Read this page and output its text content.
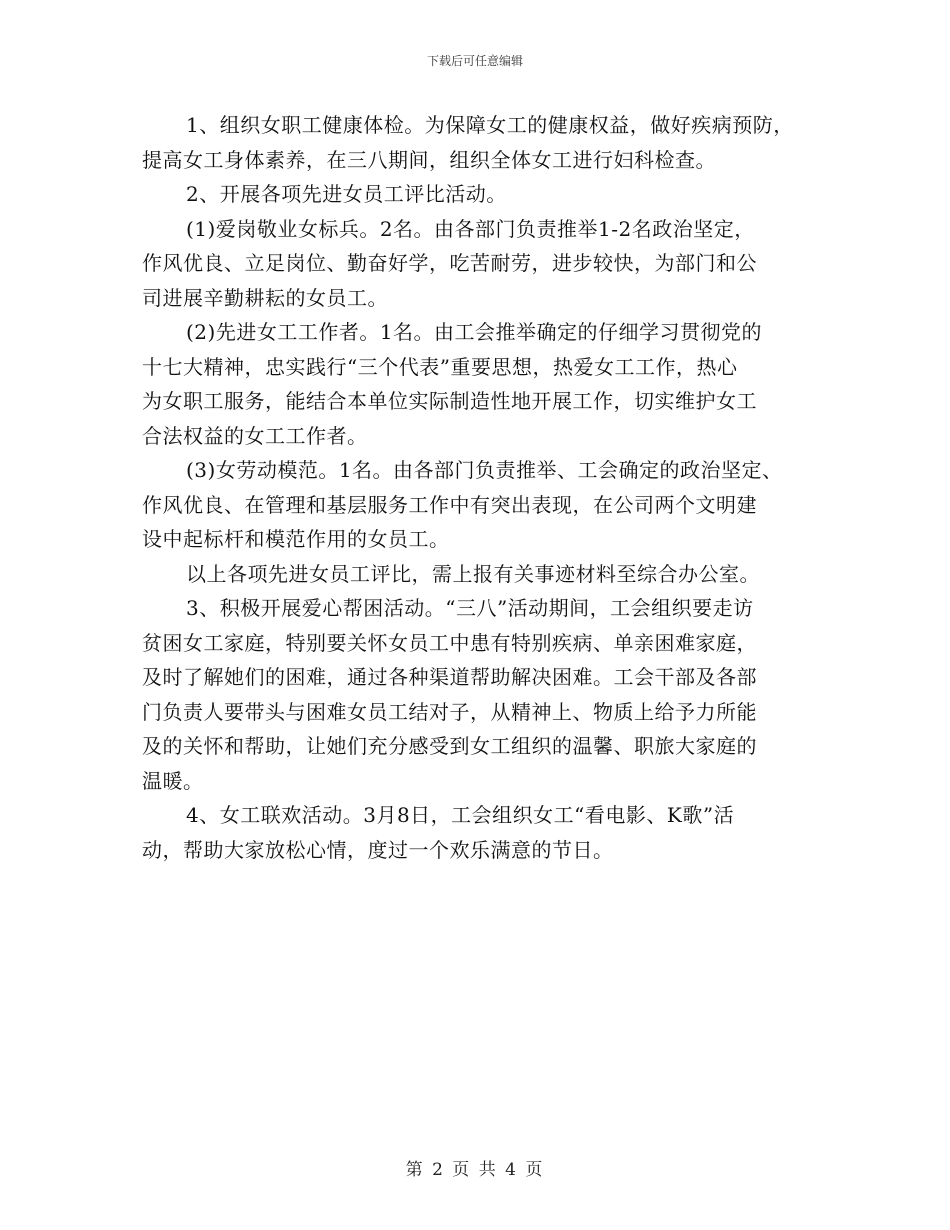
下载后可任意编辑
1、组织女职工健康体检。为保障女工的健康权益，做好疾病预防，
提高女工身体素养，在三八期间，组织全体女工进行妇科检查。
2、开展各项先进女员工评比活动。
(1)爱岗敬业女标兵。2名。由各部门负责推举1-2名政治坚定，
作风优良、立足岗位、勤奋好学，吃苦耐劳，进步较快，为部门和公
司进展辛勤耕耘的女员工。
(2)先进女工工作者。1名。由工会推举确定的仔细学习贯彻党的
十七大精神，忠实践行“三个代表”重要思想，热爱女工工作，热心
为女职工服务，能结合本单位实际制造性地开展工作，切实维护女工
合法权益的女工工作者。
(3)女劳动模范。1名。由各部门负责推举、工会确定的政治坚定、
作风优良、在管理和基层服务工作中有突出表现，在公司两个文明建
设中起标杆和模范作用的女员工。
以上各项先进女员工评比，需上报有关事迹材料至综合办公室。
3、积极开展爱心帮困活动。“三八”活动期间，工会组织要走访
贫困女工家庭，特别要关怀女员工中患有特别疾病、单亲困难家庭，
及时了解她们的困难，通过各种渠道帮助解决困难。工会干部及各部
门负责人要带头与困难女员工结对子，从精神上、物质上给予力所能
及的关怀和帮助，让她们充分感受到女工组织的温馨、职旅大家庭的
温暖。
4、女工联欢活动。3月8日，工会组织女工“看电影、K歌”活
动，帮助大家放松心情，度过一个欢乐满意的节日。
第 2 页 共 4 页
